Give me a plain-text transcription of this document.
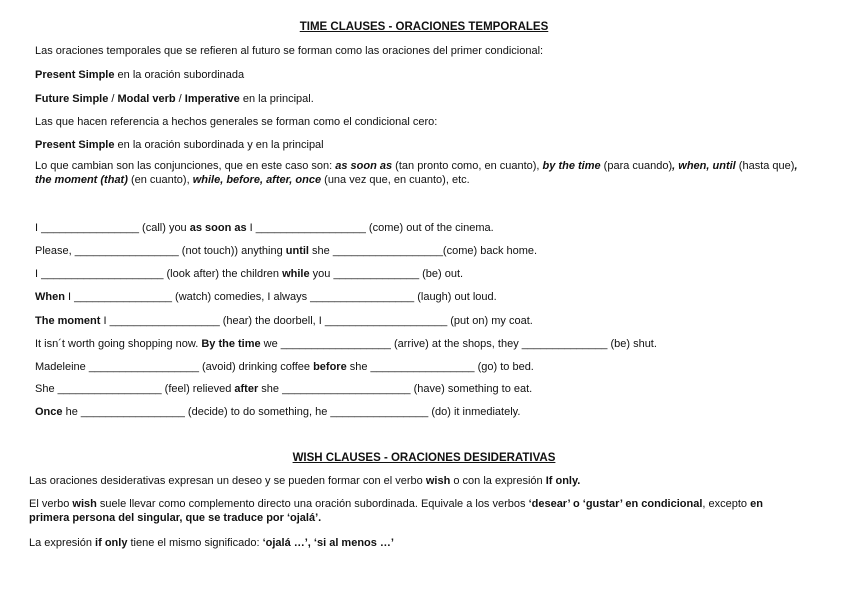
TIME CLAUSES - ORACIONES TEMPORALES
Las oraciones temporales que se refieren al futuro se forman como las oraciones del primer condicional:
Present Simple en la oración subordinada
Future Simple / Modal verb / Imperative en la principal.
Las que hacen referencia a hechos generales se forman como el condicional cero:
Present Simple en la oración subordinada y en la principal
Lo que cambian son las conjunciones, que en este caso son: as soon as (tan pronto como, en cuanto), by the time (para cuando), when, until (hasta que), the moment (that) (en cuanto), while, before, after, once (una vez que, en cuanto), etc.
I ________________ (call) you as soon as I __________________ (come) out of the cinema.
Please, _________________ (not touch)) anything until she __________________(come) back home.
I ____________________ (look after) the children while you ______________ (be) out.
When I ________________ (watch) comedies, I always _________________ (laugh) out loud.
The moment I __________________ (hear) the doorbell, I ____________________ (put on) my coat.
It isn´t worth going shopping now. By the time we __________________ (arrive) at the shops, they ______________ (be) shut.
Madeleine __________________ (avoid) drinking coffee before she _________________ (go) to bed.
She _________________ (feel) relieved after she _____________________ (have) something to eat.
Once he _________________ (decide) to do something, he ________________ (do) it inmediately.
WISH CLAUSES - ORACIONES DESIDERATIVAS
Las oraciones desiderativas expresan un deseo y se pueden formar con el verbo wish o con la expresión If only.
El verbo wish suele llevar como complemento directo una oración subordinada. Equivale a los verbos ‘desear’ o ‘gustar’ en condicional, excepto en primera persona del singular, que se traduce por ‘ojalá’.
La expresión if only tiene el mismo significado: ‘ojalá …’, ‘si al menos …’
